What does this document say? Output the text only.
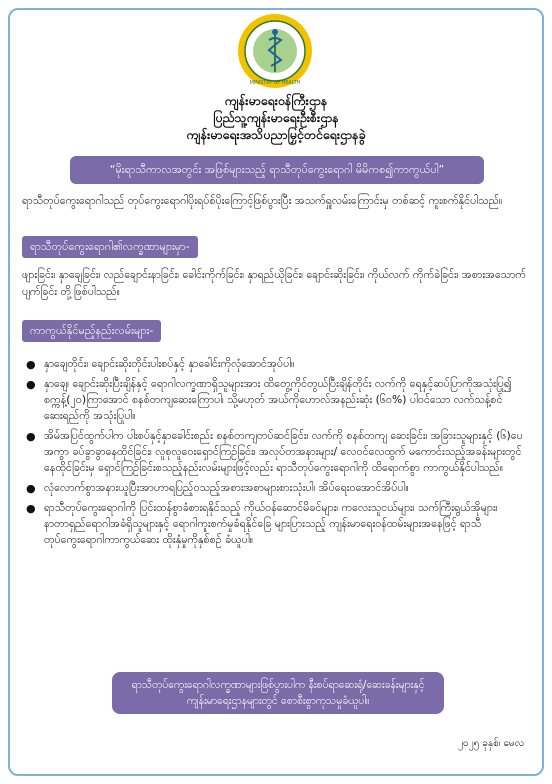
MINISTRY OF HEALTH
ကျန်းမာရေးဝန်ကြီးဌာန
ပြည်သူ့ကျန်းမာရေးဦးစီးဌာန
ကျန်းမာရေးအသိပညာမြှင့်တင်ရေးဌာနခွဲ
“မိုးရာသီကာလအတွင်း အဖြစ်များသည့် ရာသီတုပ်ကွေးရောဂါ မိမိကစ၍ကာကွယ်ပါ”
ရာသီတုပ်ကွေးရောဂါသည် တုပ်ကွေးရောဂါပိုးရပ်စ်ပိုးကြောင့်ဖြစ်ပွားပြီး အသက်ရှူလမ်းကြောင်းမှ တစ်ဆင့် ကူးစက်နိုင်ပါသည်။
ရာသီတုပ်ကွေးရောဂါ၏လက္ခဏာများမှာ-
ဖျားခြင်း၊ နှာချေခြင်း၊ လည်ချောင်းနာခြင်း၊ ခေါင်းကိုက်ခြင်း၊ နှာရည်ယိုခြင်း၊ ချောင်းဆိုးခြင်း၊ ကိုယ်လက် ကိုက်ခဲခြင်း၊ အစားအသောက်ပျက်ခြင်း တို့ဖြစ်ပါသည်။
ကာကွယ်နိုင်မည့်နည်းလမ်းများ-
● နှာချေတိုင်း၊ ချောင်းဆိုးတိုင်းပါးစပ်နှင့် နှာခေါင်းကိုလုံအောင်အုပ်ပါ။
● နှာချေ၊ ချောင်းဆိုးပြီးချိန်နှင့် ရောဂါလက္ခဏာရှိသူများအား ထိတွေ့ကိုင်တွယ်ပြီးချိန်တိုင်း လက်ကို ရေနှင့်ဆပ်ပြာကိုအသုံးပြု၍ စက္ကန့်(၂၀)ကြာအောင် စနစ်တကျဆေးကြောပါ၊ သို့မဟုတ် အယ်ကိုဟောလ်အနည်းဆုံး (၆၀%) ပါဝင်သော လက်သန့်စင်ဆေးရည်ကို အသုံးပြုပါ။
● အိမ်အပြင်ထွက်ပါက ပါးစပ်နှင့်နှာခေါင်းစည်း စနစ်တကျတပ်ဆင်ခြင်း၊ လက်ကို စနစ်တကျ ဆေးခြင်း၊ အခြားသူများနှင့် (၆)ပေအကွာ ခပ်ခွာခွာနေထိုင်ခြင်း၊ လူစုလူဝေးရှောင်ကြဉ်ခြင်း၊ အလုပ်တအနားများ/ လေဝင်လေထွက် မကောင်းသည့်အခန်းများတွင် နေထိုင်ခြင်းမှ ရှောင်ကြဉ်ခြင်းစသည့်နည်းလမ်းများဖြင့်လည်း ရာသီတုပ်ကွေးရောဂါကို ထိရောက်စွာ ကာကွယ်နိုင်ပါသည်။
● လုံလောက်စွာအနားယူပြီးအာဟာရပြည့်ဝသည့်အစားအစာများစားသုံးပါ၊ အိပ်ရေးဝအောင်အိပ်ပါ။
● ရာသီတုပ်ကွေးရောဂါကို ပြင်းထန်စွာခံစားရနိုင်သည့် ကိုယ်ဝန်ဆောင်မိခင်များ၊ ကလေးသူငယ်များ၊ သက်ကြီးရွယ်အိုများ၊ နာတာရှည်ရောဂါအခံရှိသူများနှင့် ရောဂါကူးစက်မှုခံရနိုင်ခြေ များပြားသည့် ကျန်းမာရေးဝန်ထမ်းများအနေဖြင့် ရာသီတုပ်ကွေးရောဂါကာကွယ်ဆေး ထိုးနှံမှုကိုနှစ်စဉ် ခံယူပါ။
ရာသီတုပ်ကွေးရောဂါလက္ခဏာများဖြစ်ပွားပါက နီးစပ်ရာဆေးရုံ/ဆေးခန်းများနှင့် ကျန်းမာရေးဌာနများတွင် စောစီးစွာကုသမှုခံယူပါ။
၂၀၂၅ ခုနှစ်၊ မေလ
